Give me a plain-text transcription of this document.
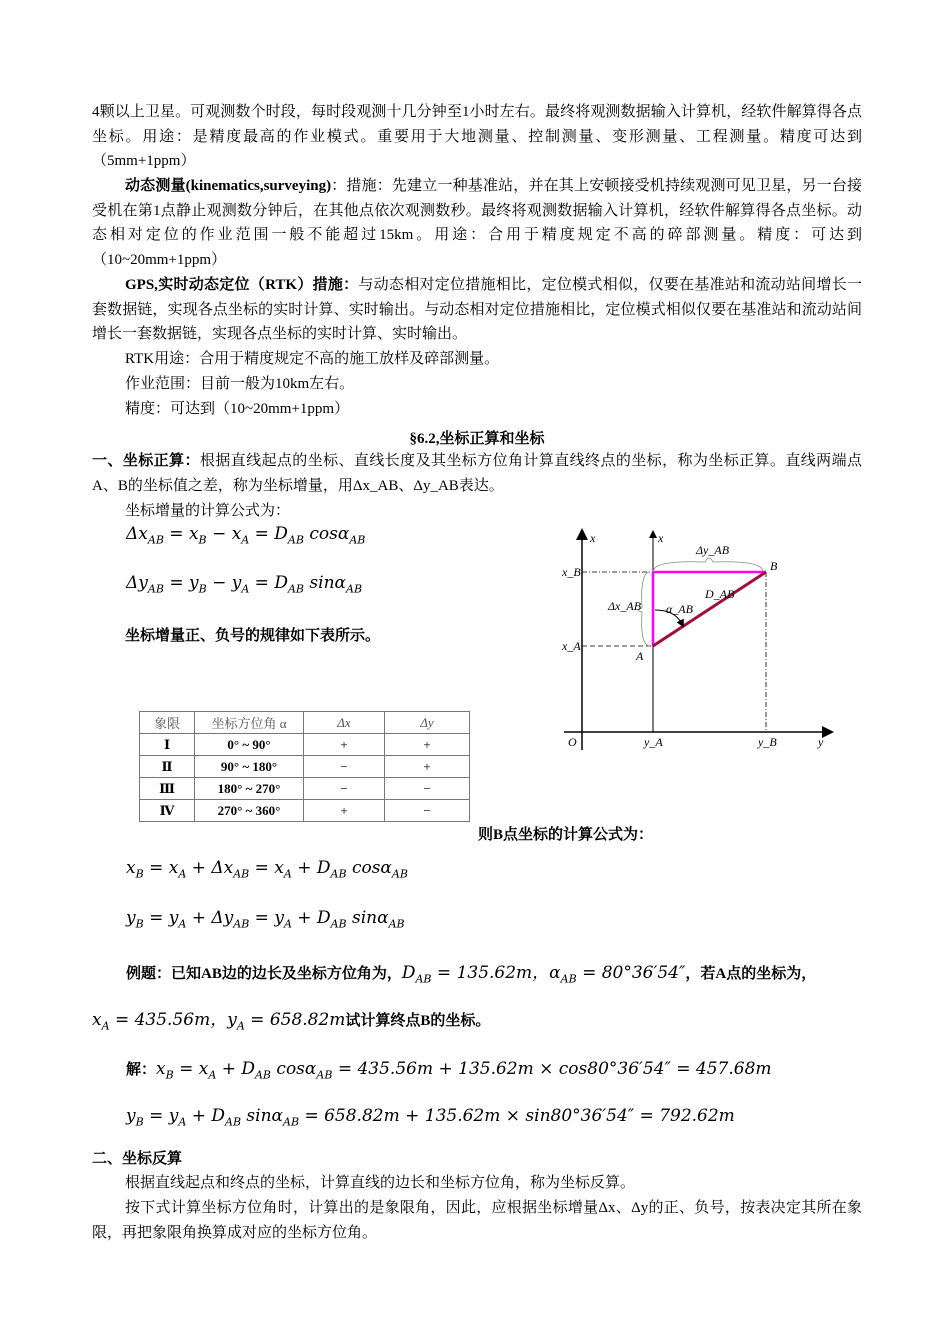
4颗以上卫星。可观测数个时段，每时段观测十几分钟至1小时左右。最终将观测数据输入计算机，经软件解算得各点坐标。用途：是精度最高的作业模式。重要用于大地测量、控制测量、变形测量、工程测量。精度可达到（5mm+1ppm）
动态测量(kinematics,surveying)：措施：先建立一种基准站，并在其上安顿接受机持续观测可见卫星，另一台接受机在第1点静止观测数分钟后，在其他点依次观测数秒。最终将观测数据输入计算机，经软件解算得各点坐标。动态相对定位的作业范围一般不能超过15km。用途：合用于精度规定不高的碎部测量。精度：可达到（10~20mm+1ppm）
GPS,实时动态定位（RTK）措施：与动态相对定位措施相比，定位模式相似，仅要在基准站和流动站间增长一套数据链，实现各点坐标的实时计算、实时输出。与动态相对定位措施相比，定位模式相似仅要在基准站和流动站间增长一套数据链，实现各点坐标的实时计算、实时输出。
RTK用途：合用于精度规定不高的施工放样及碎部测量。
作业范围：目前一般为10km左右。
精度：可达到（10~20mm+1ppm）
§6.2,坐标正算和坐标
一、坐标正算：根据直线起点的坐标、直线长度及其坐标方位角计算直线终点的坐标，称为坐标正算。直线两端点A、B的坐标值之差，称为坐标增量，用Δx_AB、Δy_AB表达。
坐标增量的计算公式为：
$\Delta x_{AB} = x_B - x_A = D_{AB}$ cosα$_{AB}$
$\Delta y_{AB} = y_B - y_A = D_{AB}$ sinα$_{AB}$
坐标增量正、负号的规律如下表所示。
象限	坐标方位角 α	Δx	Δy
Ⅰ	0° ~ 90°	+	+
Ⅱ	90° ~ 180°	−	+
Ⅲ	180° ~ 270°	−	−
Ⅳ	270° ~ 360°	+	−
x	x
y
O
x_B
x_A
y_A	y_B
A
B
Δy_AB
Δx_AB
D_AB
α_AB
则B点坐标的计算公式为：
$x_B = x_A + \Delta x_{AB} = x_A + D_{AB}$ cosα$_{AB}$
$y_B = y_A + \Delta y_{AB} = y_A + D_{AB}$ sinα$_{AB}$
例题：已知AB边的边长及坐标方位角为，$D_{AB} = 135.62m$，$\alpha_{AB} = 80^\circ 36'54''$，若A点的坐标为，
$x_A = 435.56m$，$y_A = 658.82m$试计算终点B的坐标。
解：$x_B = x_A + D_{AB}$ cosα$_{AB}$ = 435.56m + 135.62m × cos80°36′54″ = 457.68m
$y_B = y_A + D_{AB}$ sinα$_{AB}$ = 658.82m + 135.62m × sin80°36′54″ = 792.62m
二、坐标反算
根据直线起点和终点的坐标，计算直线的边长和坐标方位角，称为坐标反算。
按下式计算坐标方位角时，计算出的是象限角，因此，应根据坐标增量Δx、Δy的正、负号，按表决定其所在象限，再把象限角换算成对应的坐标方位角。
